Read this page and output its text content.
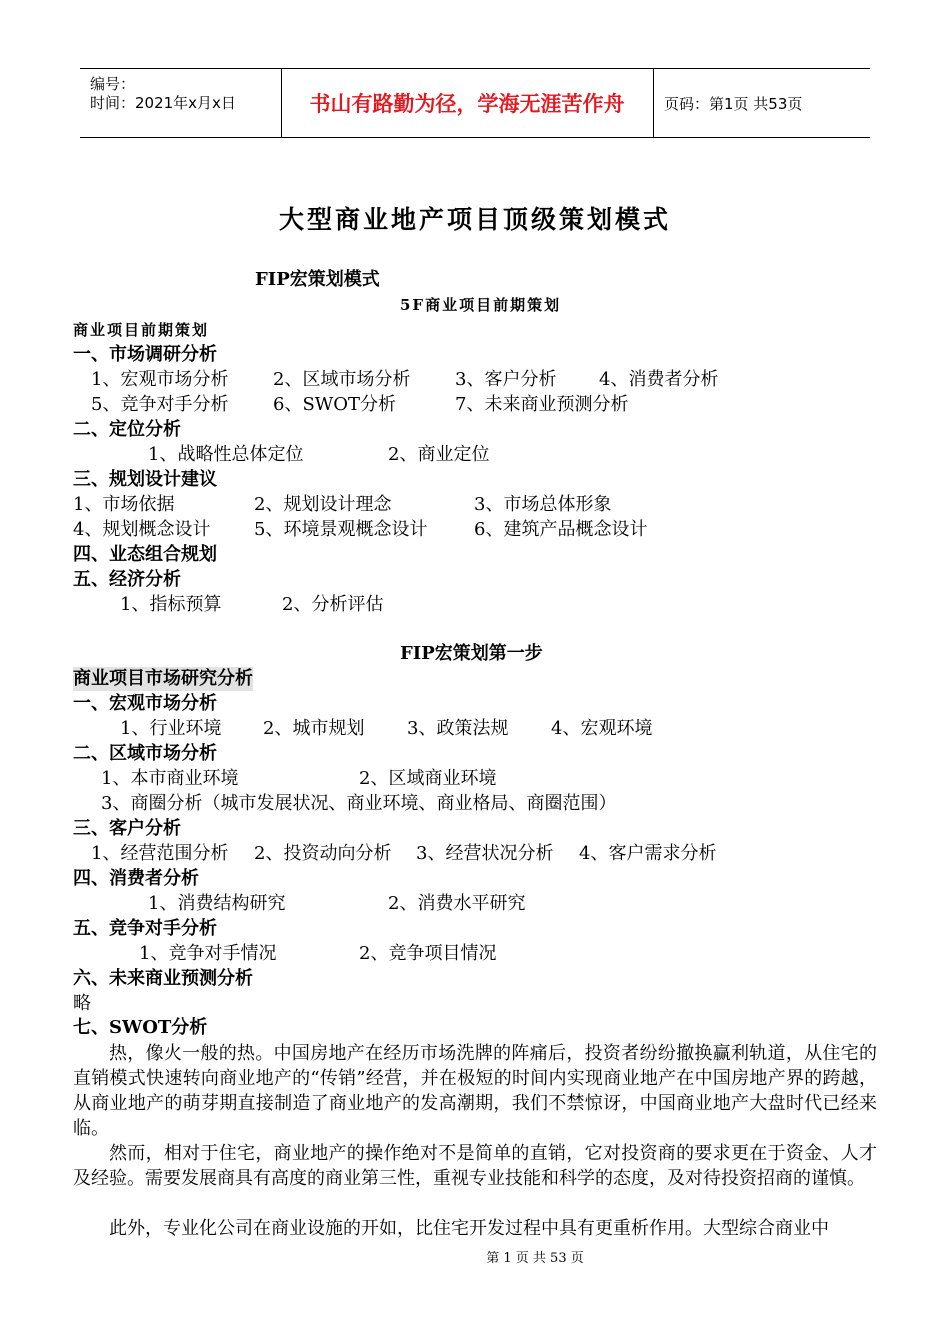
编号：
时间：2021年x月x日	书山有路勤为径，学海无涯苦作舟	页码：第1页 共53页
大型商业地产项目顶级策划模式
FIP宏策划模式
5F商业项目前期策划
商业项目前期策划
一、市场调研分析
1、宏观市场分析 2、区域市场分析 3、客户分析 4、消费者分析
5、竞争对手分析 6、SWOT分析	7、未来商业预测分析
二、定位分析
1、战略性总体定位	2、商业定位
三、规划设计建议
1、市场依据	2、规划设计理念	3、市场总体形象
4、规划概念设计 5、环境景观概念设计	6、建筑产品概念设计
四、业态组合规划
五、经济分析
1、指标预算	2、分析评估
FIP宏策划第一步
商业项目市场研究分析
一、宏观市场分析
1、行业环境 2、城市规划 3、政策法规 4、宏观环境
二、区域市场分析
1、本市商业环境	2、区域商业环境
3、商圈分析（城市发展状况、商业环境、商业格局、商圈范围）
三、客户分析
1、经营范围分析 2、投资动向分析 3、经营状况分析 4、客户需求分析
四、消费者分析
1、消费结构研究	2、消费水平研究
五、竞争对手分析
1、竞争对手情况	2、竞争项目情况
六、未来商业预测分析
略
七、SWOT分析
热，像火一般的热。中国房地产在经历市场洗牌的阵痛后，投资者纷纷撤换赢利轨道，从住宅的直销模式快速转向商业地产的“传销”经营，并在极短的时间内实现商业地产在中国房地产界的跨越，从商业地产的萌芽期直接制造了商业地产的发高潮期，我们不禁惊讶，中国商业地产大盘时代已经来临。
然而，相对于住宅，商业地产的操作绝对不是简单的直销，它对投资商的要求更在于资金、人才及经验。需要发展商具有高度的商业第三性，重视专业技能和科学的态度，及对待投资招商的谨慎。
此外，专业化公司在商业设施的开如，比住宅开发过程中具有更重析作用。大型综合商业中
第 1 页 共 53 页
